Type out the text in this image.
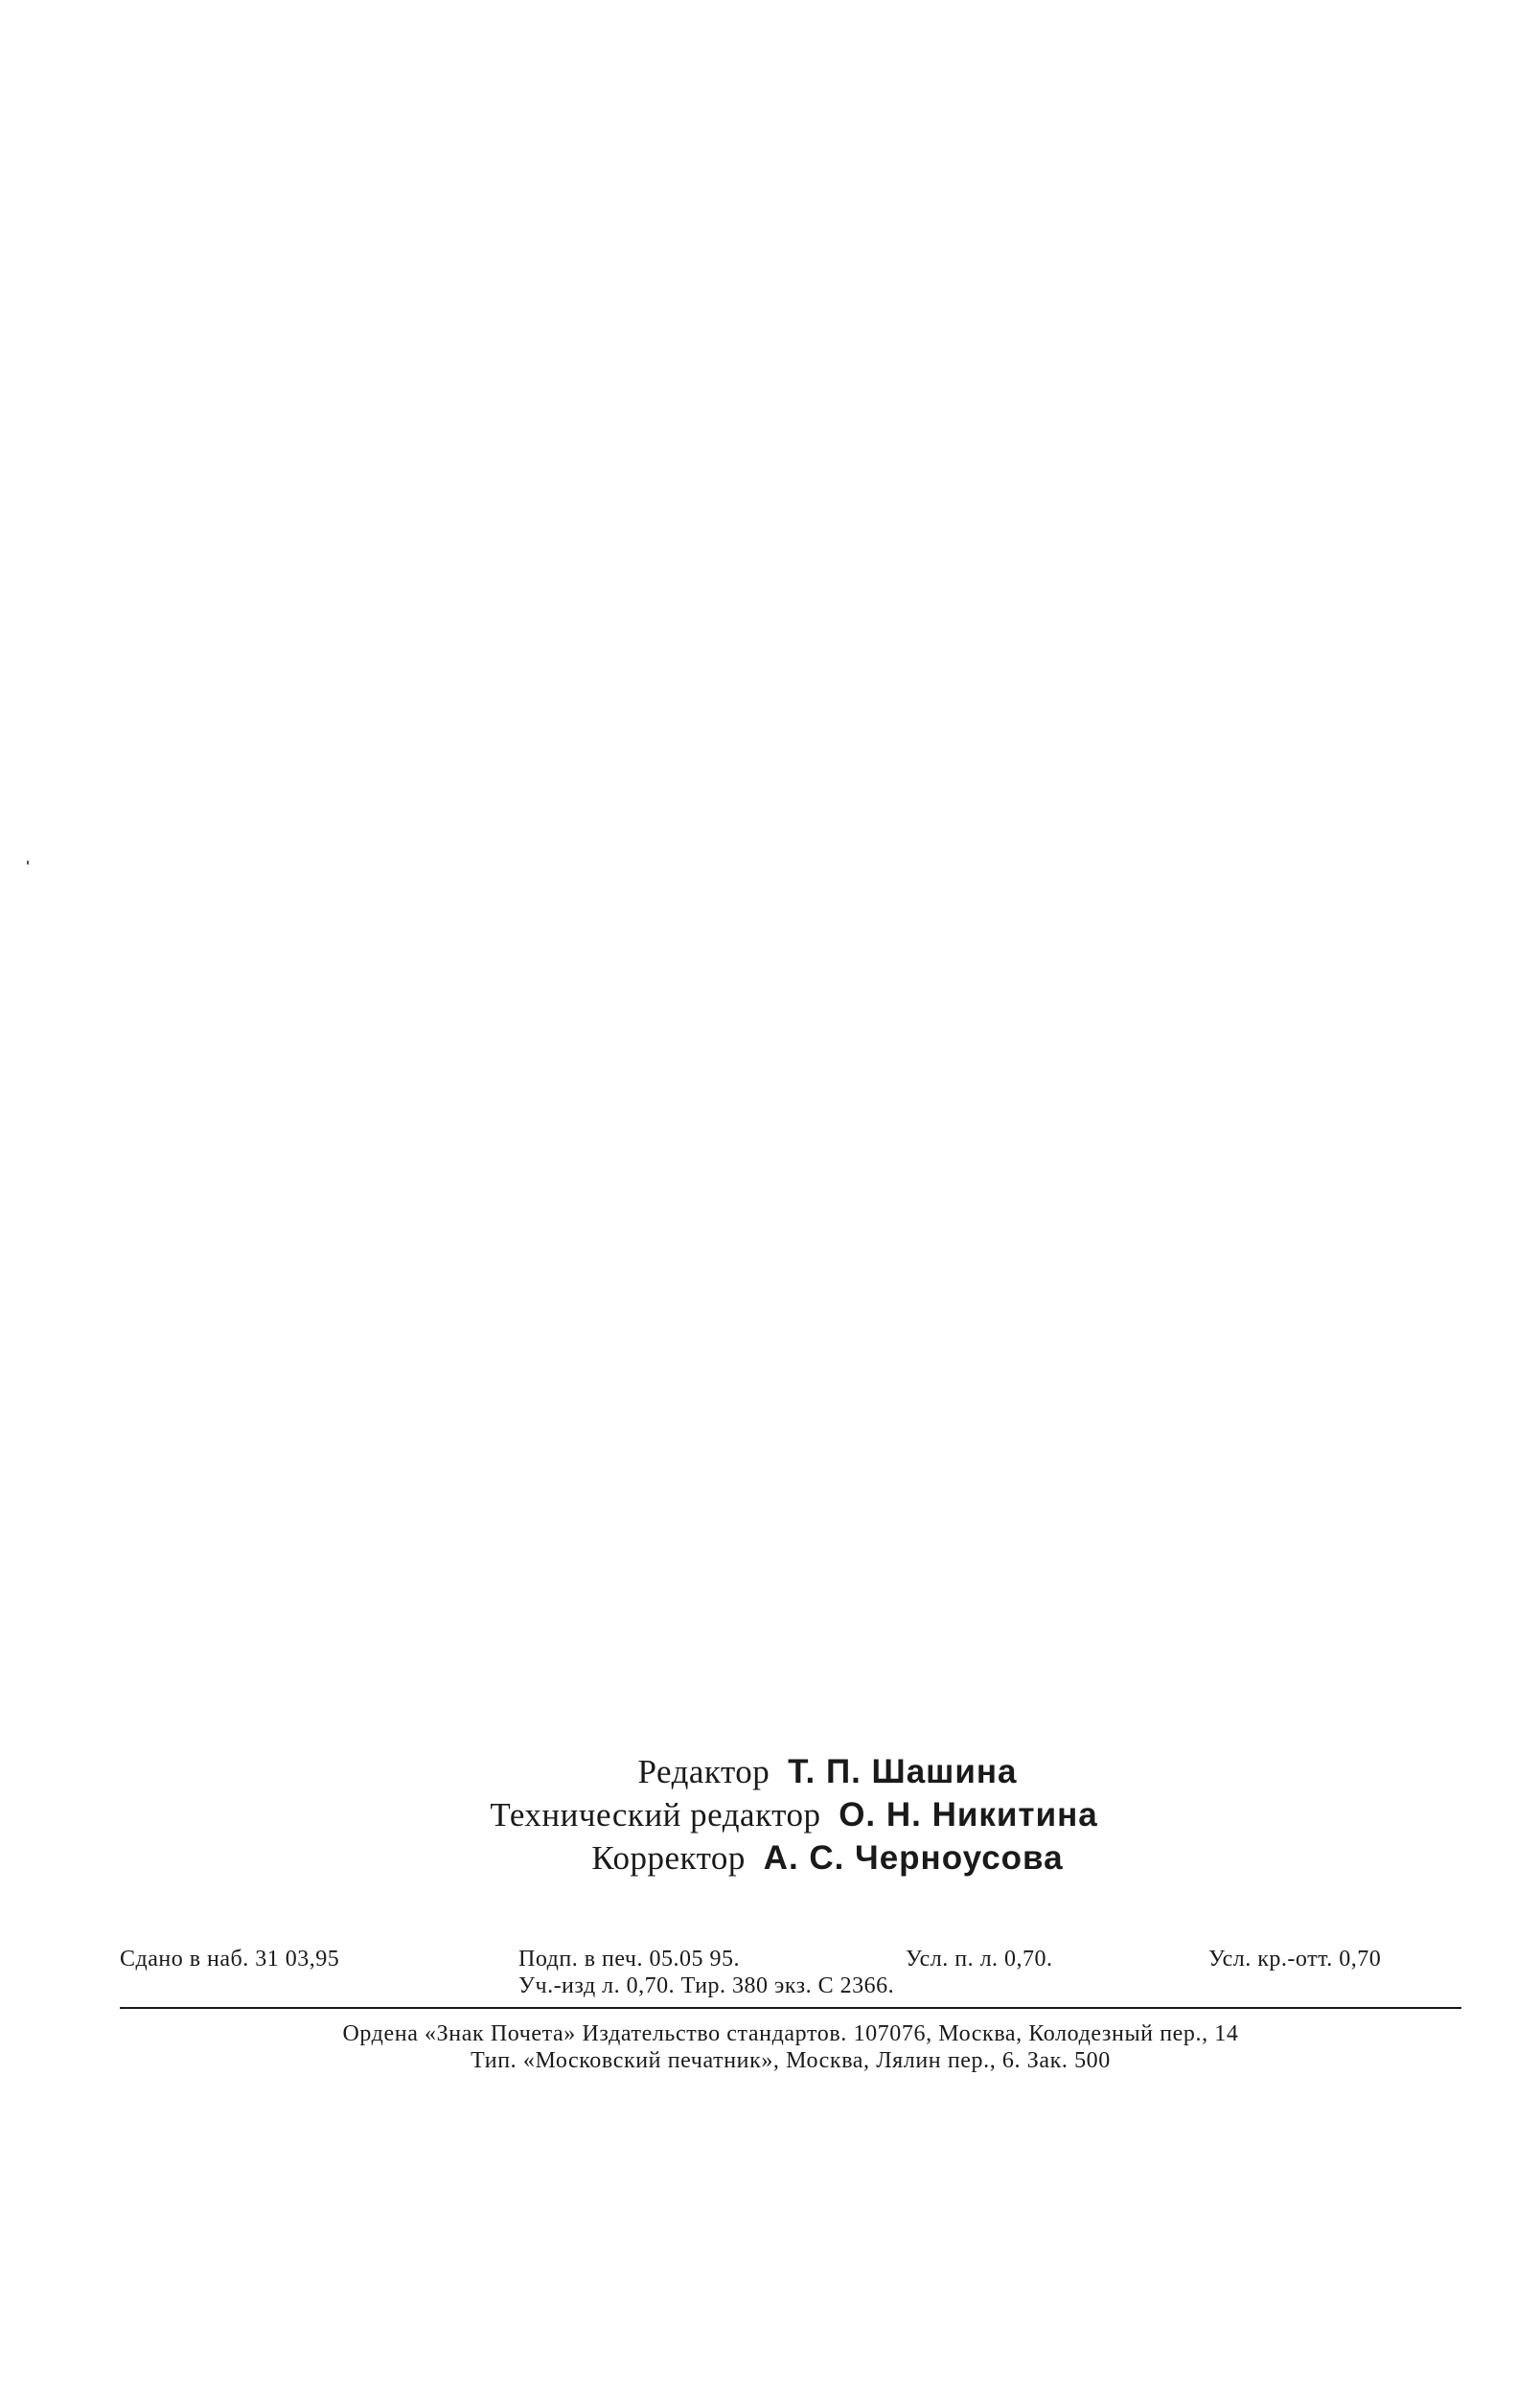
Редактор Т. П. Шашина
Технический редактор О. Н. Никитина
Корректор А. С. Черноусова
Сдано в наб. 31 03,95	Подп. в печ. 05.05 95.	Усл. п. л. 0,70.	Усл. кр.-отт. 0,70
Уч.-изд л. 0,70. Тир. 380 экз. С 2366.
Ордена «Знак Почета» Издательство стандартов. 107076, Москва, Колодезный пер., 14
Тип. «Московский печатник», Москва, Лялин пер., 6. Зак. 500
